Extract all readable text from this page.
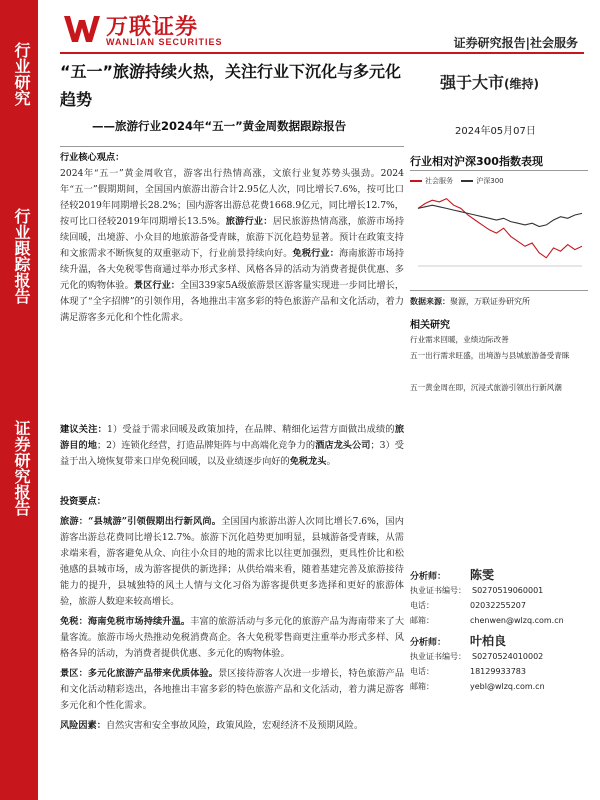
万联证券
WANLIAN SECURITIES	证券研究报告|社会服务
行业研究
行业跟踪报告
证券研究报告
“五一”旅游持续火热，关注行业下沉化与多元化趋势
——旅游行业2024年“五一”黄金周数据跟踪报告
强于大市(维持)
2024年05月07日
行业核心观点：
2024年“五一”黄金周收官，游客出行热情高涨，文旅行业复苏势头强劲。2024年“五一”假期期间，全国国内旅游出游合计2.95亿人次，同比增长7.6%，按可比口径较2019年同期增长28.2%；国内游客出游总花费1668.9亿元，同比增长12.7%，按可比口径较2019年同期增长13.5%。旅游行业：居民旅游热情高涨，旅游市场持续回暖，出境游、小众目的地旅游备受青睐，旅游下沉化趋势显著。预计在政策支持和文旅需求不断恢复的双重驱动下，行业前景持续向好。免税行业：海南旅游市场持续升温，各大免税零售商通过举办形式多样、风格各异的活动为消费者提供优惠、多元化的购物体验。景区行业：全国339家5A级旅游景区游客量实现进一步同比增长，体现了“全字招牌”的引领作用，各地推出丰富多彩的特色旅游产品和文化活动，着力满足游客多元化和个性化需求。
建议关注：1）受益于需求回暖及政策加持，在品牌、精细化运营方面做出成绩的旅游目的地；2）连锁化经营，打造品牌矩阵与中高端化竞争力的酒店龙头公司；3）受益于出入境恢复带来口岸免税回暖，以及业绩逐步向好的免税龙头。
投资要点：
旅游：“县城游”引领假期出行新风尚。全国国内旅游出游人次同比增长7.6%，国内游客出游总花费同比增长12.7%。旅游下沉化趋势更加明显，县城游备受青睐，从需求端来看，游客避免从众、向往小众目的地的需求比以往更加强烈，更具性价比和松弛感的县城市场，成为游客提供的新选择；从供给端来看，随着基建完善及旅游接待能力的提升，县城独特的风土人情与文化习俗为游客提供更多选择和更好的旅游体验，旅游人数迎来较高增长。
免税：海南免税市场持续升温。丰富的旅游活动与多元化的旅游产品为海南带来了大量客流。旅游市场火热推动免税消费高企。各大免税零售商更注重举办形式多样、风格各异的活动，为消费者提供优惠、多元化的购物体验。
景区：多元化旅游产品带来优质体验。景区接待游客人次进一步增长，特色旅游产品和文化活动精彩迭出，各地推出丰富多彩的特色旅游产品和文化活动，着力满足游客多元化和个性化需求。
风险因素：自然灾害和安全事故风险，政策风险，宏观经济不及预期风险。
行业相对沪深300指数表现
社会服务	沪深300
数据来源：聚源，万联证券研究所
相关研究
行业需求回暖，业绩边际改善
五一出行需求旺盛，出境游与县城旅游备受青睐
五一黄金周在即，沉浸式旅游引领出行新风潮
分析师： 陈雯
执业证书编号： S0270519060001
电话：	02032255207
邮箱：	chenwen@wlzq.com.cn
分析师： 叶柏良
执业证书编号： S0270524010002
电话：	18129933783
邮箱：	yebl@wlzq.com.cn
